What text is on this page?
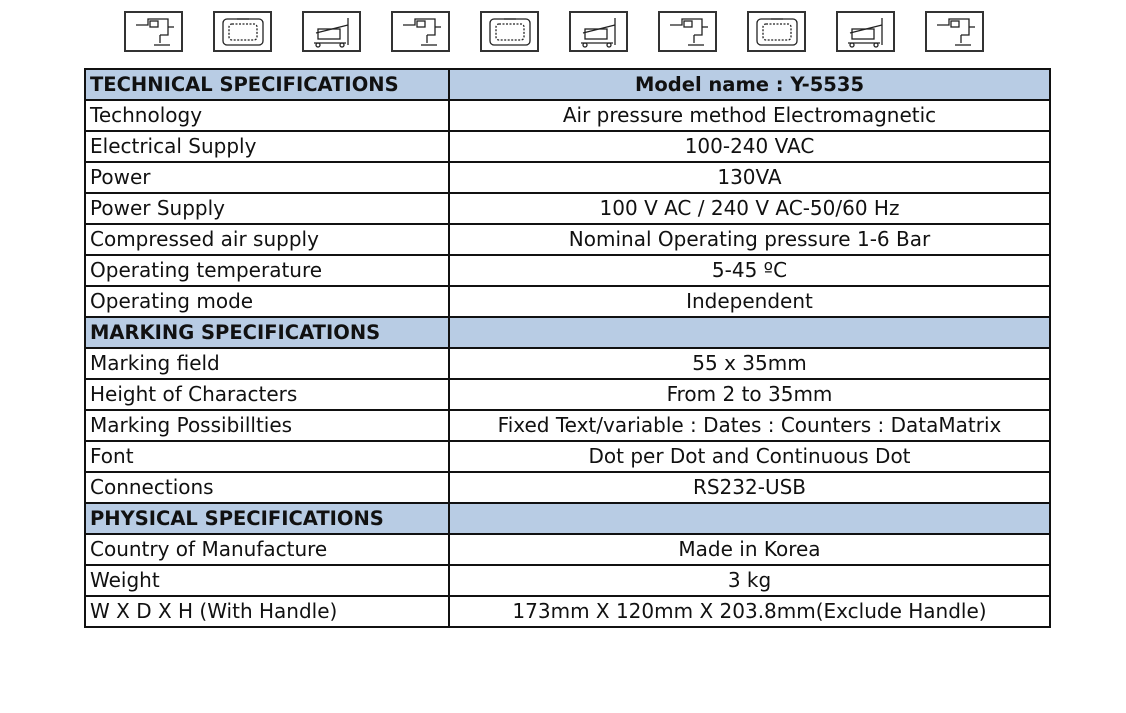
TECHNICAL SPECIFICATIONS	Model name : Y-5535
Technology	Air pressure method Electromagnetic
Electrical Supply	100-240 VAC
Power	130VA
Power Supply	100 V AC / 240 V AC-50/60 Hz
Compressed air supply	Nominal Operating pressure 1-6 Bar
Operating temperature	5-45 ºC
Operating mode	Independent
MARKING SPECIFICATIONS	
Marking field	55 x 35mm
Height of Characters	From 2 to 35mm
Marking Possibillties	Fixed Text/variable : Dates : Counters : DataMatrix
Font	Dot per Dot and Continuous Dot
Connections	RS232-USB
PHYSICAL SPECIFICATIONS	
Country of Manufacture	Made in Korea
Weight	3 kg
W X D X H (With Handle)	173mm X 120mm X 203.8mm(Exclude Handle)
